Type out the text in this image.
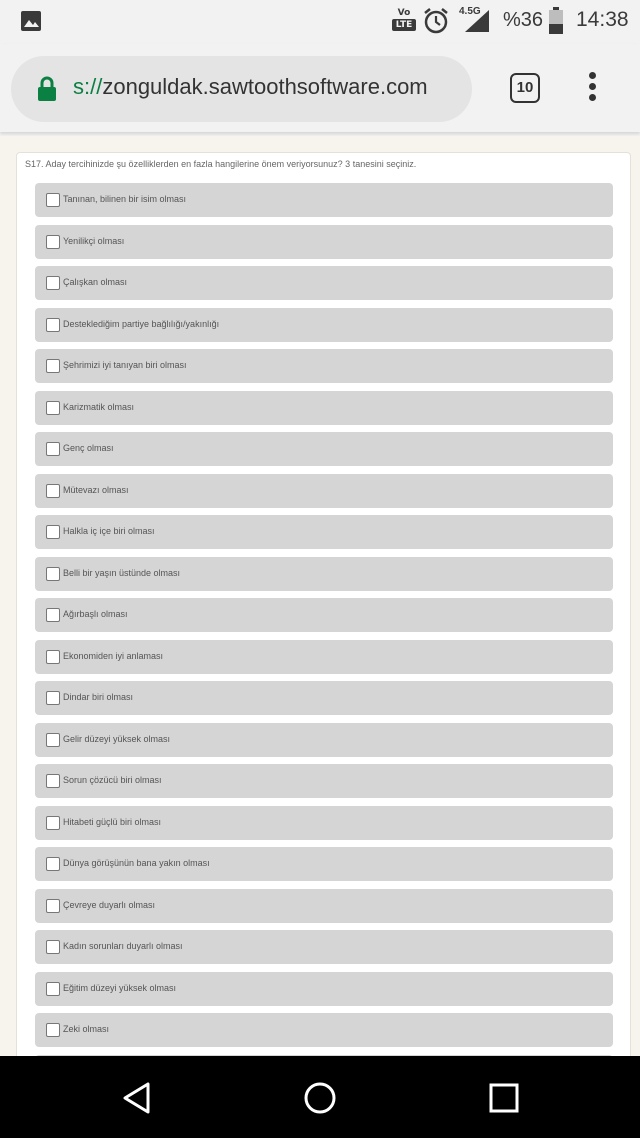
Vo
LTE
4.5G %36 14:38
s://zonguldak.sawtoothsoftware.com	10
S17. Aday tercihinizde şu özelliklerden en fazla hangilerine önem veriyorsunuz? 3 tanesini seçiniz.
Tanınan, bilinen bir isim olması
Yenilikçi olması
Çalışkan olması
Desteklediğim partiye bağlılığı/yakınlığı
Şehrimizi iyi tanıyan biri olması
Karizmatik olması
Genç olması
Mütevazı olması
Halkla iç içe biri olması
Belli bir yaşın üstünde olması
Ağırbaşlı olması
Ekonomiden iyi anlaması
Dindar biri olması
Gelir düzeyi yüksek olması
Sorun çözücü biri olması
Hitabeti güçlü biri olması
Dünya görüşünün bana yakın olması
Çevreye duyarlı olması
Kadın sorunları duyarlı olması
Eğitim düzeyi yüksek olması
Zeki olması
